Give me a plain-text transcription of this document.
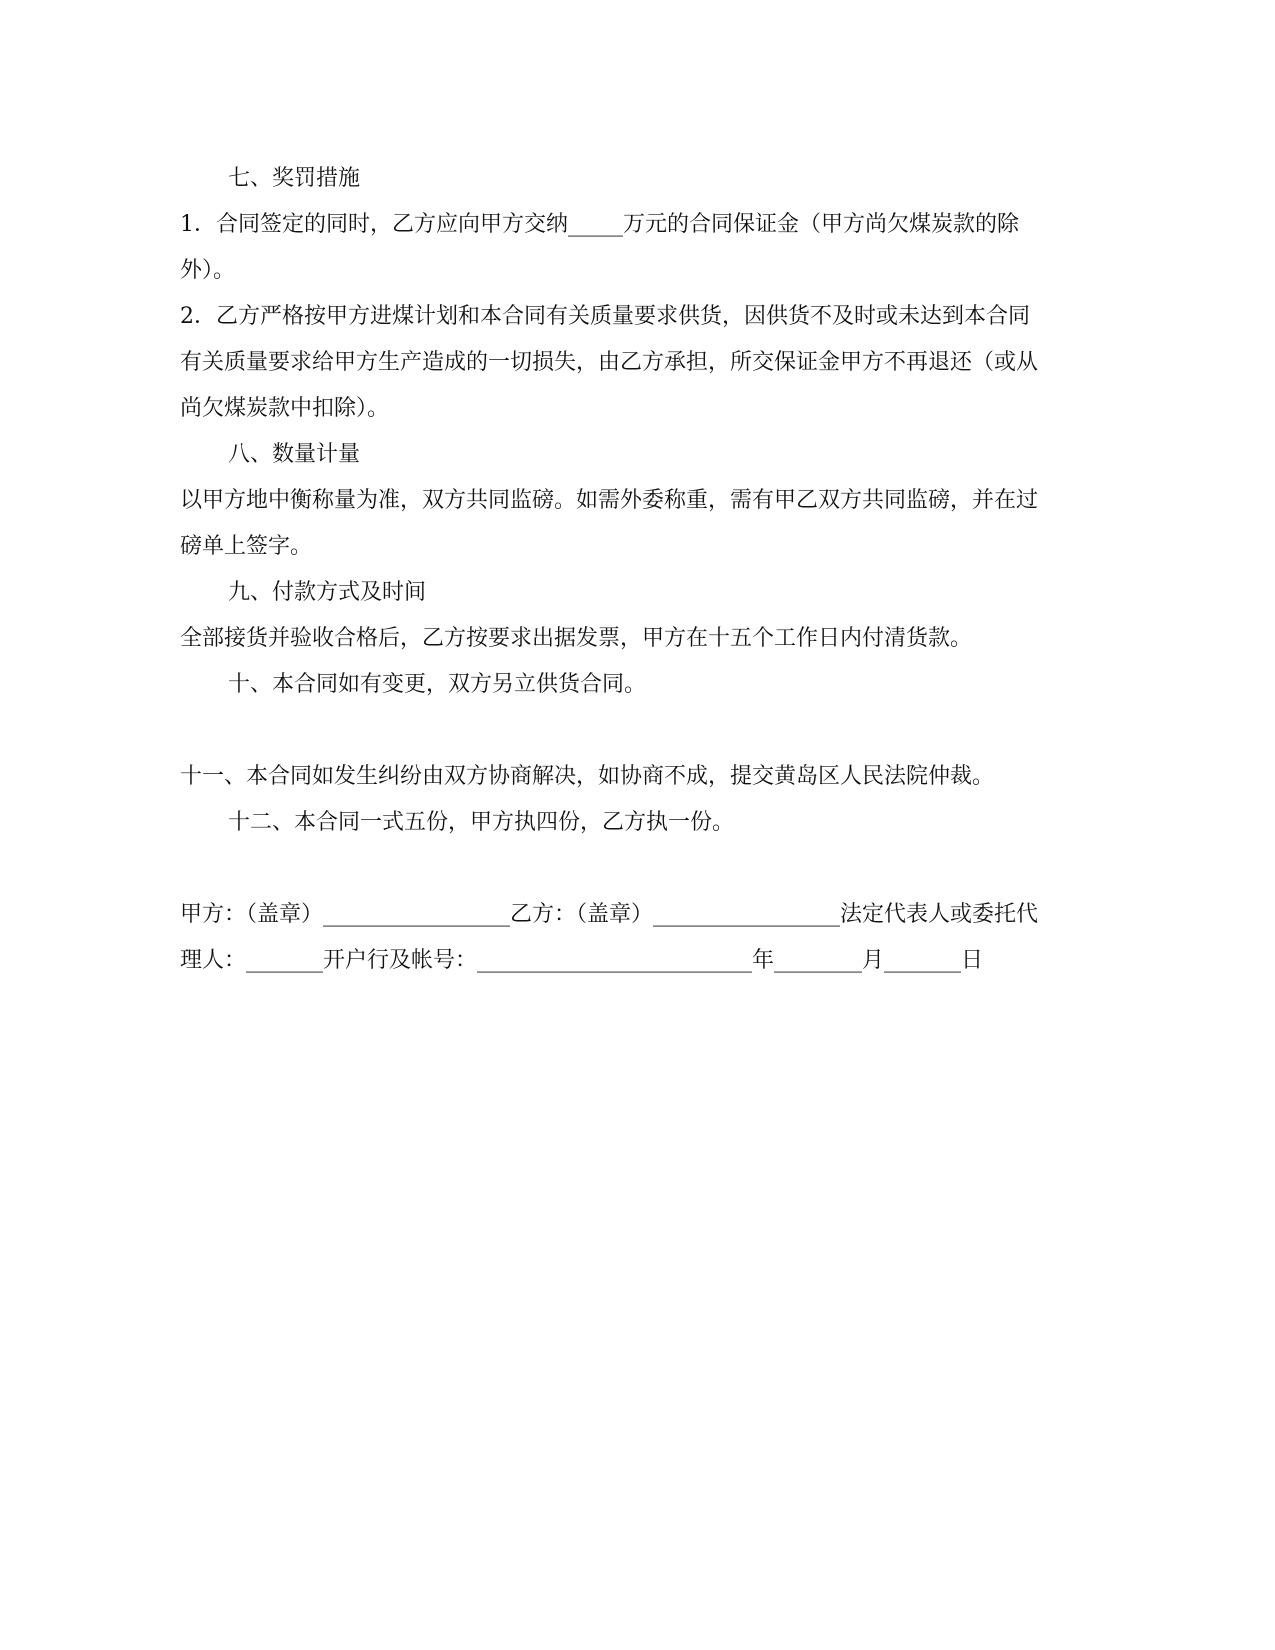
七、奖罚措施

1．合同签定的同时，乙方应向甲方交纳_____万元的合同保证金（甲方尚欠煤炭款的除外）。

2．乙方严格按甲方进煤计划和本合同有关质量要求供货，因供货不及时或未达到本合同有关质量要求给甲方生产造成的一切损失，由乙方承担，所交保证金甲方不再退还（或从尚欠煤炭款中扣除）。

八、数量计量

以甲方地中衡称量为准，双方共同监磅。如需外委称重，需有甲乙双方共同监磅，并在过磅单上签字。

九、付款方式及时间

全部接货并验收合格后，乙方按要求出据发票，甲方在十五个工作日内付清货款。

十、本合同如有变更，双方另立供货合同。

十一、本合同如发生纠纷由双方协商解决，如协商不成，提交黄岛区人民法院仲裁。

十二、本合同一式五份，甲方执四份，乙方执一份。

甲方：（盖章）_________________乙方：（盖章）_________________法定代表人或委托代理人：_______开户行及帐号：_________________________年________月_______日
